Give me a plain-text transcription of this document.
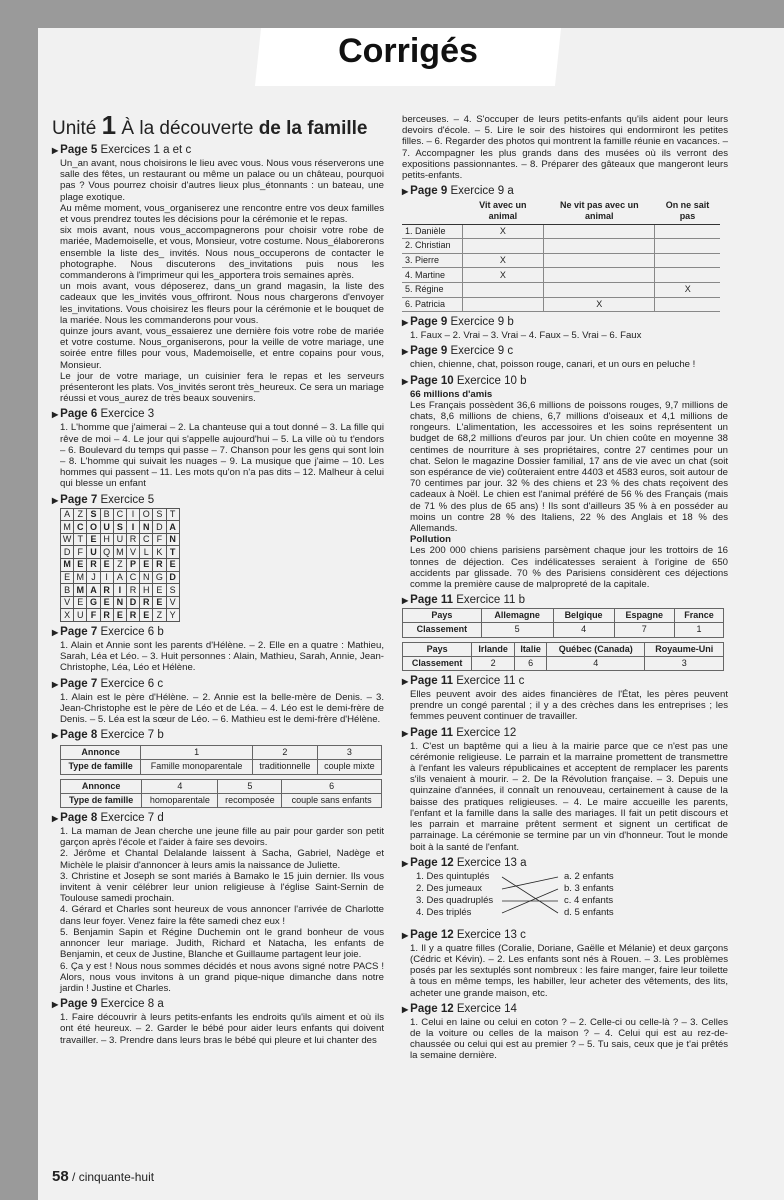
Corrigés
Unité 1 À la découverte de la famille
▶ Page 5 Exercices 1 a et c

Un_an avant, nous choisirons le lieu avec vous. Nous vous réserverons une salle des fêtes, un restaurant ou même un palace ou un château, pourquoi pas ? Vous pourrez choisir d'autres lieux plus_étonnants : un bateau, une plage exotique.

Au même moment, vous_organiserez une rencontre entre vos deux familles et vous prendrez toutes les décisions pour la cérémonie et le repas.

six mois avant, nous vous_accompagnerons pour choisir votre robe de mariée, Mademoiselle, et vous, Monsieur, votre costume. Nous_élaborerons ensemble la liste des_ invités. Nous nous_occuperons de contacter le photographe. Nous discuterons des_invitations puis nous les commanderons à l'imprimeur qui les_apportera trois semaines après.

un mois avant, vous déposerez, dans_un grand magasin, la liste des cadeaux que les_invités vous_offriront. Nous nous chargerons d'envoyer les_invitations. Vous choisirez les fleurs pour la cérémonie et le bouquet de la mariée. Nous les commanderons pour vous.

quinze jours avant, vous_essaierez une dernière fois votre robe de mariée et votre costume. Nous_organiserons, pour la veille de votre mariage, une soirée entre filles pour vous, Mademoiselle, et entre copains pour vous, Monsieur.

Le jour de votre mariage, un cuisinier fera le repas et les serveurs présenteront les plats. Vos_invités seront très_heureux. Ce sera un mariage réussi et vous_aurez de très beaux souvenirs.

▶ Page 6 Exercice 3
1. L'homme que j'aimerai – 2. La chanteuse qui a tout donné – 3. La fille qui rêve de moi – 4. Le jour qui s'appelle aujourd'hui – 5. La ville où tu t'endors – 6. Boulevard du temps qui passe – 7. Chanson pour les gens qui sont loin – 8. L'homme qui suivait les nuages – 9. La musique que j'aime – 10. Les hommes qui passent – 11. Les mots qu'on n'a pas dits – 12. Malheur à celui qui blesse un enfant
▶ Page 7 Exercice 5
A	Z	S	B	C	I	O	S	T
M	C	O	U	S	I	N	D	A
W	T	E	H	U	R	C	F	N
D	F	U	Q	M	V	L	K	T
M	E	R	E	Z	P	E	R	E
E	M	J	I	A	C	N	G	D
B	M	A	R	I	R	H	E	S
V	E	G	E	N	D	R	E	V
X	U	F	R	E	R	E	Z	Y
▶ Page 7 Exercice 6 b
1. Alain et Annie sont les parents d'Hélène. – 2. Elle en a quatre : Mathieu, Sarah, Léa et Léo. – 3. Huit personnes : Alain, Mathieu, Sarah, Annie, Jean-Christophe, Léa, Léo et Hélène.
▶ Page 7 Exercice 6 c
1. Alain est le père d'Hélène. – 2. Annie est la belle-mère de Denis. – 3. Jean-Christophe est le père de Léo et de Léa. – 4. Léo est le demi-frère de Denis. – 5. Léa est la sœur de Léo. – 6. Mathieu est le demi-frère d'Hélène.
▶ Page 8 Exercice 7 b
Annonce	1	2	3
Type de famille	Famille monoparentale	traditionnelle	couple mixte
Annonce	4	5	6
Type de famille	homoparentale	recomposée	couple sans enfants
▶ Page 8 Exercice 7 d

1. La maman de Jean cherche une jeune fille au pair pour garder son petit garçon après l'école et l'aider à faire ses devoirs.

2. Jérôme et Chantal Delalande laissent à Sacha, Gabriel, Nadège et Michèle le plaisir d'annoncer à leurs amis la naissance de Juliette.

3. Christine et Joseph se sont mariés à Bamako le 15 juin dernier. Ils vous invitent à venir célébrer leur union religieuse à l'église Saint-Sernin de Toulouse samedi prochain.

4. Gérard et Charles sont heureux de vous annoncer l'arrivée de Charlotte dans leur foyer. Venez faire la fête samedi chez eux !

5. Benjamin Sapin et Régine Duchemin ont le grand bonheur de vous annoncer leur mariage. Judith, Richard et Natacha, les enfants de Benjamin, et ceux de Justine, Blanche et Guillaume partagent leur joie.

6. Ça y est ! Nous nous sommes décidés et nous avons signé notre PACS ! Alors, nous vous invitons à un grand pique-nique dimanche dans notre jardin ! Justine et Charles.

▶ Page 9 Exercice 8 a
1. Faire découvrir à leurs petits-enfants les endroits qu'ils aiment et où ils ont été heureux. – 2. Garder le bébé pour aider leurs enfants qui doivent travailler. – 3. Prendre dans leurs bras le bébé qui pleure et lui chanter des
berceuses. – 4. S'occuper de leurs petits-enfants qu'ils aident pour leurs devoirs d'école. – 5. Lire le soir des histoires qui endormiront les petites filles. – 6. Regarder des photos qui montrent la famille réunie en vacances. – 7. Accompagner les plus grands dans des musées où ils verront des expositions passionnantes. – 8. Préparer des gâteaux que mangeront leurs petits-enfants.
▶ Page 9 Exercice 9 a
	Vit avec un animal	Ne vit pas avec un animal	On ne sait pas
1. Danièle	X		
2. Christian			
3. Pierre	X		
4. Martine	X		
5. Régine			X
6. Patricia		X	
▶ Page 9 Exercice 9 b
1. Faux – 2. Vrai – 3. Vrai – 4. Faux – 5. Vrai – 6. Faux
▶ Page 9 Exercice 9 c
chien, chienne, chat, poisson rouge, canari, et un ours en peluche !
▶ Page 10 Exercice 10 b

66 millions d'amis

Les Français possèdent 36,6 millions de poissons rouges, 9,7 millions de chats, 8,6 millions de chiens, 6,7 millions d'oiseaux et 4,1 millions de rongeurs. L'alimentation, les accessoires et les soins représentent un budget de 68,2 millions d'euros par jour. Un chien coûte en moyenne 38 centimes de nourriture à ses propriétaires, contre 27 centimes pour un chat. Selon le magazine Dossier familial, 17 ans de vie avec un chat (soit son espérance de vie) coûteraient entre 4403 et 4583 euros, soit autour de 70 centimes par jour. 32 % des chiens et 23 % des chats reçoivent des cadeaux à Noël. Le chien est l'animal préféré de 56 % des Français (mais de 71 % des plus de 65 ans) ! Ils sont d'ailleurs 35 % à en posséder au moins un contre 28 % des Italiens, 22 % des Anglais et 18 % des Allemands.

Pollution

Les 200 000 chiens parisiens parsèment chaque jour les trottoirs de 16 tonnes de déjection. Ces indélicatesses seraient à l'origine de 650 accidents par glissade. 70 % des Parisiens considèrent ces déjections comme la première cause de malpropreté de la capitale.

▶ Page 11 Exercice 11 b
Pays	Allemagne	Belgique	Espagne	France
Classement	5	4	7	1
Pays	Irlande	Italie	Québec (Canada)	Royaume-Uni
Classement	2	6	4	3
▶ Page 11 Exercice 11 c
Elles peuvent avoir des aides financières de l'État, les pères peuvent prendre un congé parental ; il y a des crèches dans les entreprises ; les femmes peuvent continuer de travailler.
▶ Page 11 Exercice 12
1. C'est un baptême qui a lieu à la mairie parce que ce n'est pas une cérémonie religieuse. Le parrain et la marraine promettent de transmettre à l'enfant les valeurs républicaines et acceptent de remplacer les parents s'ils venaient à mourir. – 2. De la Révolution française. – 3. Depuis une quinzaine d'années, il connaît un renouveau, certainement à cause de la baisse des pratiques religieuses. – 4. Le maire accueille les parents, l'enfant et la famille dans la salle des mariages. Il fait un petit discours et les parrain et marraine prêtent serment et signent un certificat de parrainage. La cérémonie se termine par un vin d'honneur. Tout le monde boit à la santé de l'enfant.
▶ Page 12 Exercice 13 a
1. Des quintuplés
2. Des jumeaux
3. Des quadruplés
4. Des triplés
a. 2 enfants
b. 3 enfants
c. 4 enfants
d. 5 enfants
▶ Page 12 Exercice 13 c
1. Il y a quatre filles (Coralie, Doriane, Gaëlle et Mélanie) et deux garçons (Cédric et Kévin). – 2. Les enfants sont nés à Rouen. – 3. Les problèmes posés par les sextuplés sont nombreux : les faire manger, faire leur toilette à tous en même temps, les habiller, leur acheter des vêtements, des lits, acheter une grande maison, etc.
▶ Page 12 Exercice 14
1. Celui en laine ou celui en coton ? – 2. Celle-ci ou celle-là ? – 3. Celles de la voiture ou celles de la maison ? – 4. Celui qui est au rez-de-chaussée ou celui qui est au premier ? – 5. Tu sais, ceux que je t'ai prêtés la semaine dernière.
58 / cinquante-huit
